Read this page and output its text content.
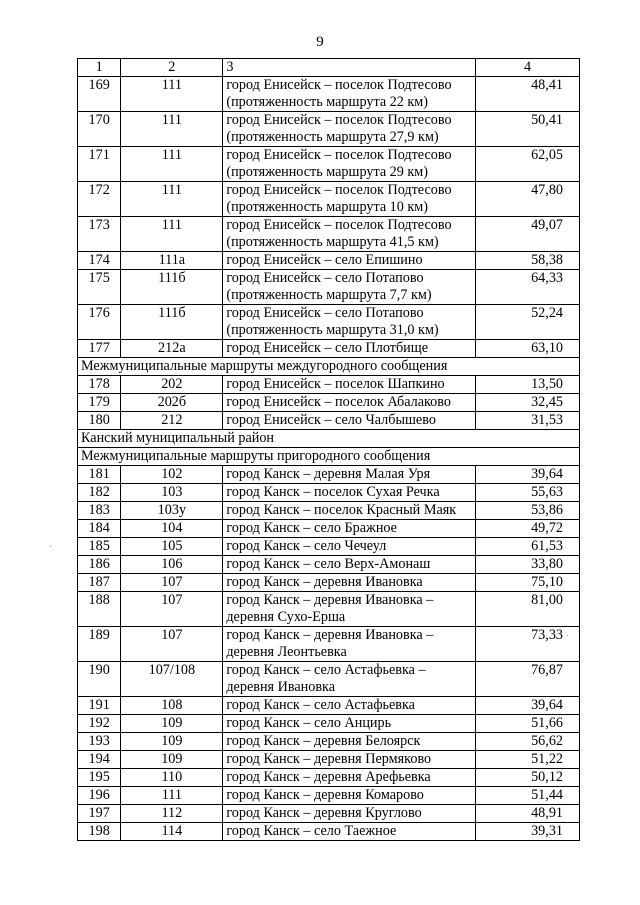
9
1	2	3	4
169	111	город Енисейск – поселок Подтесово
(протяженность маршрута 22 км)	48,41
170	111	город Енисейск – поселок Подтесово
(протяженность маршрута 27,9 км)	50,41
171	111	город Енисейск – поселок Подтесово
(протяженность маршрута 29 км)	62,05
172	111	город Енисейск – поселок Подтесово
(протяженность маршрута 10 км)	47,80
173	111	город Енисейск – поселок Подтесово
(протяженность маршрута 41,5 км)	49,07
174	111а	город Енисейск – село Епишино	58,38
175	111б	город Енисейск – село Потапово
(протяженность маршрута 7,7 км)	64,33
176	111б	город Енисейск – село Потапово
(протяженность маршрута 31,0 км)	52,24
177	212а	город Енисейск – село Плотбище	63,10
Межмуниципальные маршруты междугородного сообщения			
178	202	город Енисейск – поселок Шапкино	13,50
179	202б	город Енисейск – поселок Абалаково	32,45
180	212	город Енисейск – село Чалбышево	31,53
Канский муниципальный район			
Межмуниципальные маршруты пригородного сообщения			
181	102	город Канск – деревня Малая Уря	39,64
182	103	город Канск – поселок Сухая Речка	55,63
183	103у	город Канск – поселок Красный Маяк	53,86
184	104	город Канск – село Бражное	49,72
185	105	город Канск – село Чечеул	61,53
186	106	город Канск – село Верх-Амонаш	33,80
187	107	город Канск – деревня Ивановка	75,10
188	107	город Канск – деревня Ивановка –
деревня Сухо-Ерша	81,00
189	107	город Канск – деревня Ивановка –
деревня Леонтьевка	73,33
190	107/108	город Канск – село Астафьевка –
деревня Ивановка	76,87
191	108	город Канск – село Астафьевка	39,64
192	109	город Канск – село Анцирь	51,66
193	109	город Канск – деревня Белоярск	56,62
194	109	город Канск – деревня Пермяково	51,22
195	110	город Канск – деревня Арефьевка	50,12
196	111	город Канск – деревня Комарово	51,44
197	112	город Канск – деревня Круглово	48,91
198	114	город Канск – село Таежное	39,31
·
·
